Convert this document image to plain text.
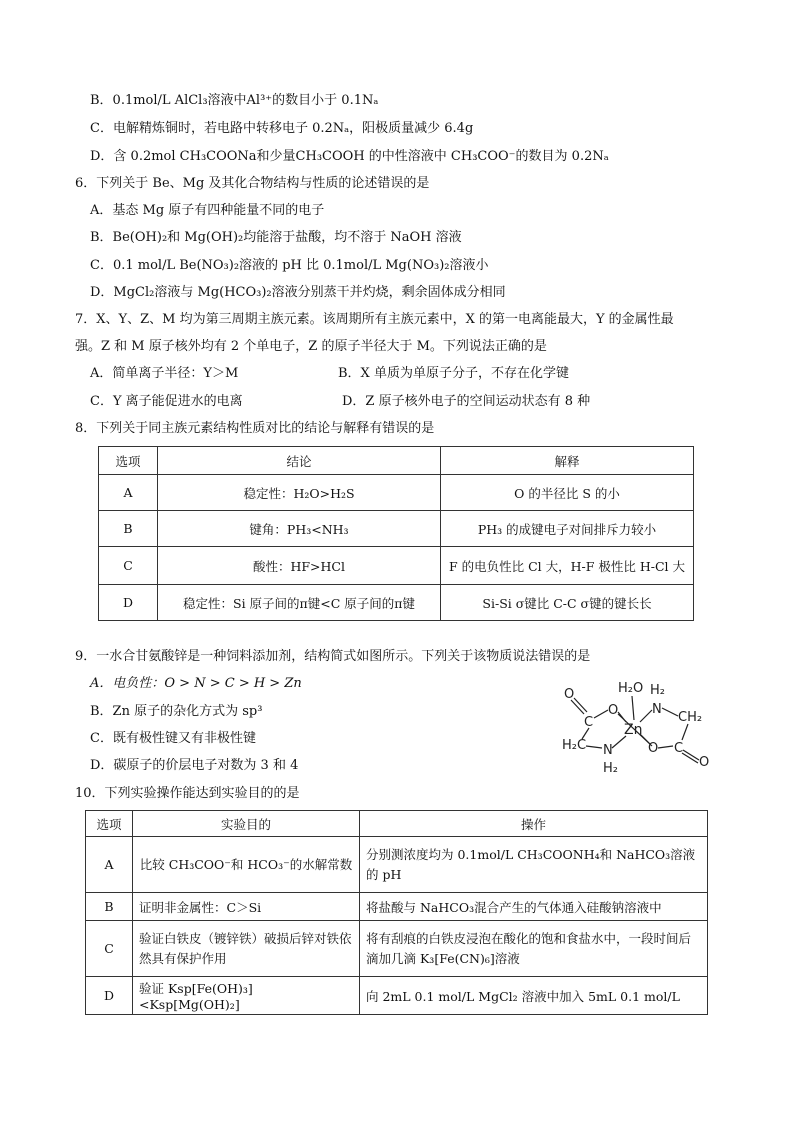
B．0.1mol/L AlCl₃溶液中Al³⁺的数目小于 0.1Nₐ
C．电解精炼铜时，若电路中转移电子 0.2Nₐ，阳极质量减少 6.4g
D．含 0.2mol CH₃COONa和少量CH₃COOH 的中性溶液中 CH₃COO⁻的数目为 0.2Nₐ
6．下列关于 Be、Mg 及其化合物结构与性质的论述错误的是
A．基态 Mg 原子有四种能量不同的电子
B．Be(OH)₂和 Mg(OH)₂均能溶于盐酸，均不溶于 NaOH 溶液
C．0.1 mol/L Be(NO₃)₂溶液的 pH 比 0.1mol/L Mg(NO₃)₂溶液小
D．MgCl₂溶液与 Mg(HCO₃)₂溶液分别蒸干并灼烧，剩余固体成分相同
7．X、Y、Z、M 均为第三周期主族元素。该周期所有主族元素中，X 的第一电离能最大，Y 的金属性最
强。Z 和 M 原子核外均有 2 个单电子，Z 的原子半径大于 M。下列说法正确的是
A．简单离子半径：Y＞M	B．X 单质为单原子分子，不存在化学键
C．Y 离子能促进水的电离	D．Z 原子核外电子的空间运动状态有 8 种
8．下列关于同主族元素结构性质对比的结论与解释有错误的是
选项	结论	解释
A	稳定性：H₂O>H₂S	O 的半径比 S 的小
B	键角：PH₃<NH₃	PH₃ 的成键电子对间排斥力较小
C	酸性：HF>HCl	F 的电负性比 Cl 大，H-F 极性比 H-Cl 大
D	稳定性：Si 原子间的π键<C 原子间的π键	Si-Si σ键比 C-C σ键的键长长
9．一水合甘氨酸锌是一种饲料添加剂，结构简式如图所示。下列关于该物质说法错误的是
A．电负性：O > N > C > H > Zn
B．Zn 原子的杂化方式为 sp³
C．既有极性键又有非极性键
D．碳原子的价层电子对数为 3 和 4
O
C
O
H₂O
Zn
H₂
N
CH₂
H₂C N
H₂
O C
O
10．下列实验操作能达到实验目的的是
选项	实验目的	操作
A	比较 CH₃COO⁻和 HCO₃⁻的水解常数	分别测浓度均为 0.1mol/L CH₃COONH₄和 NaHCO₃溶液的 pH
B	证明非金属性：C＞Si	将盐酸与 NaHCO₃混合产生的气体通入硅酸钠溶液中
C	验证白铁皮（镀锌铁）破损后锌对铁依然具有保护作用	将有刮痕的白铁皮浸泡在酸化的饱和食盐水中，一段时间后滴加几滴 K₃[Fe(CN)₆]溶液
D	验证 Ksp[Fe(OH)₃]<Ksp[Mg(OH)₂]	向 2mL 0.1 mol/L MgCl₂ 溶液中加入 5mL 0.1 mol/L
